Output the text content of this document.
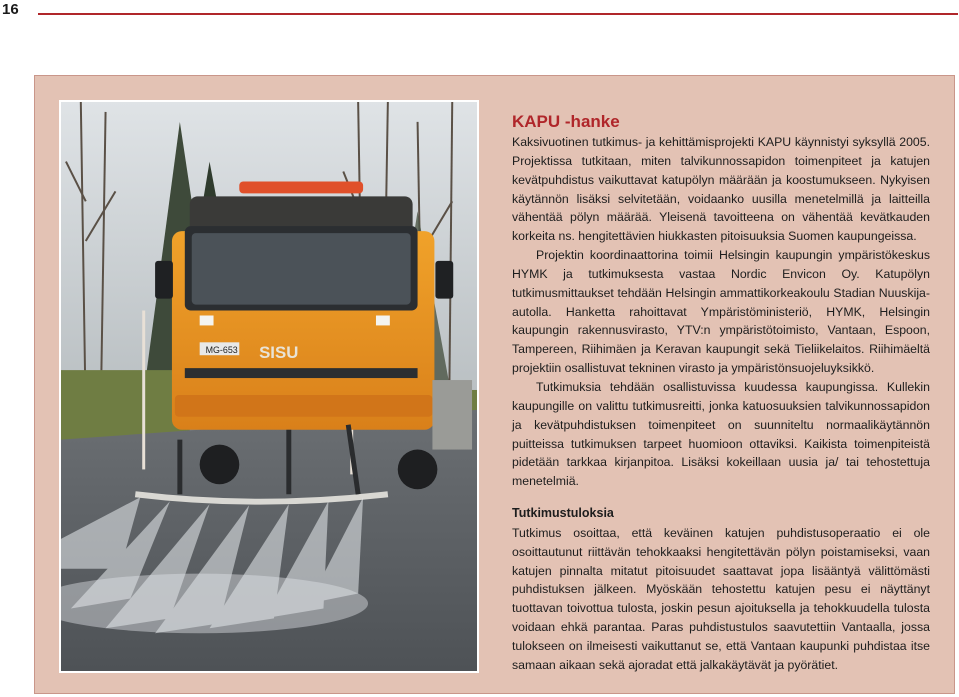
16
MG-653 SISU
KAPU -hanke

Kaksivuotinen tutkimus- ja kehittämisprojekti KAPU käynnistyi syksyllä 2005. Projektissa tutkitaan, miten talvikunnossapidon toimenpiteet ja katujen kevätpuhdistus vaikuttavat katupölyn määrään ja koostumukseen. Nykyisen käytännön lisäksi selvitetään, voidaanko uusilla menetelmillä ja laitteilla vähentää pölyn määrää. Yleisenä tavoitteena on vähentää kevätkauden korkeita ns. hengitettävien hiukkasten pitoisuuksia Suomen kaupungeissa.

Projektin koordinaattorina toimii Helsingin kaupungin ympäristökeskus HYMK ja tutkimuksesta vastaa Nordic Envicon Oy. Katupölyn tutkimusmittaukset tehdään Helsingin ammattikorkeakoulu Stadian Nuuskija-autolla. Hanketta rahoittavat Ympäristöministeriö, HYMK, Helsingin kaupungin rakennusvirasto, YTV:n ympäristötoimisto, Vantaan, Espoon, Tampereen, Riihimäen ja Keravan kaupungit sekä Tieliikelaitos. Riihimäeltä projektiin osallistuvat tekninen virasto ja ympäristönsuojeluyksikkö.

Tutkimuksia tehdään osallistuvissa kuudessa kaupungissa. Kullekin kaupungille on valittu tutkimusreitti, jonka katuosuuksien talvikunnossapidon ja kevätpuhdistuksen toimenpiteet on suunniteltu normaalikäytännön puitteissa tutkimuksen tarpeet huomioon ottaviksi. Kaikista toimenpiteistä pidetään tarkkaa kirjanpitoa. Lisäksi kokeillaan uusia ja/ tai tehostettuja menetelmiä.

Tutkimustuloksia

Tutkimus osoittaa, että keväinen katujen puhdistusoperaatio ei ole osoittautunut riittävän tehokkaaksi hengitettävän pölyn poistamiseksi, vaan katujen pinnalta mitatut pitoisuudet saattavat jopa lisääntyä välittömästi puhdistuksen jälkeen. Myöskään tehostettu katujen pesu ei näyttänyt tuottavan toivottua tulosta, joskin pesun ajoituksella ja tehokkuudella tulosta voidaan ehkä parantaa. Paras puhdistustulos saavutettiin Vantaalla, jossa tulokseen on ilmeisesti vaikuttanut se, että Vantaan kaupunki puhdistaa itse samaan aikaan sekä ajoradat että jalkakäytävät ja pyörätiet.
